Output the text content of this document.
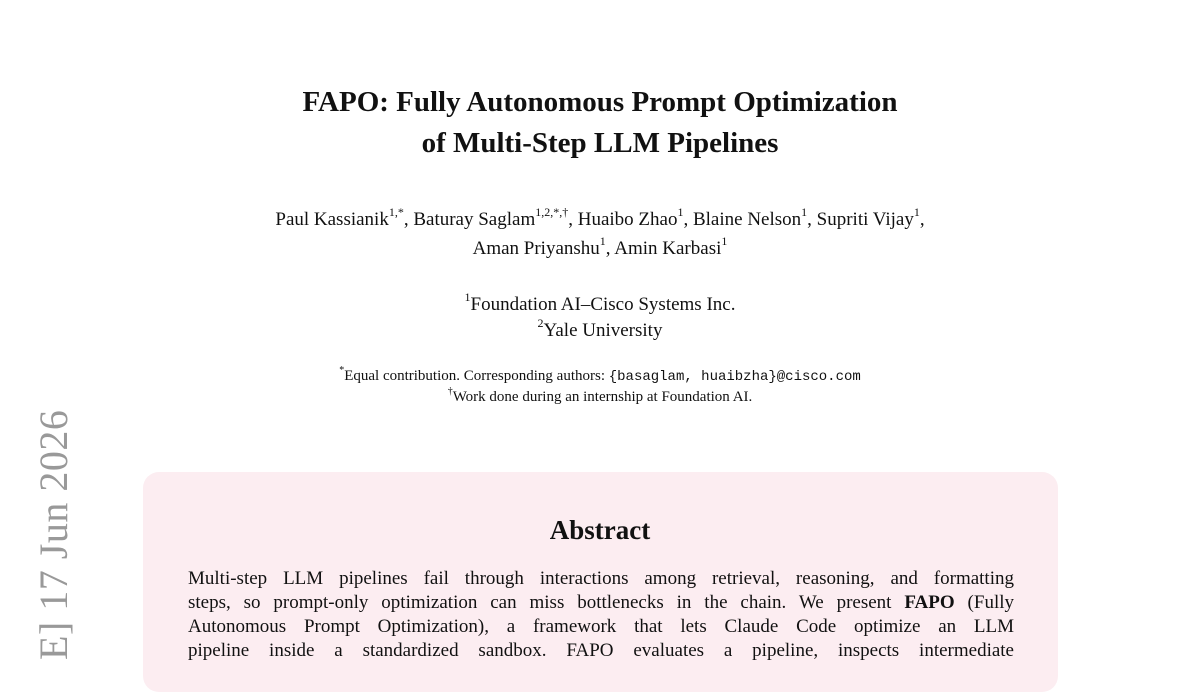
E] 17 Jun 2026
FAPO: Fully Autonomous Prompt Optimization
of Multi-Step LLM Pipelines
Paul Kassianik$^{1,*}$, Baturay Saglam$^{1,2,*,\dagger}$, Huaibo Zhao$^1$, Blaine Nelson$^1$, Supriti Vijay$^1$,
Aman Priyanshu$^1$, Amin Karbasi$^1$
$^1$Foundation AI–Cisco Systems Inc.
$^2$Yale University
*Equal contribution. Corresponding authors: {basaglam, huaibzha}@cisco.com
†Work done during an internship at Foundation AI.
Abstract
Multi-step LLM pipelines fail through interactions among retrieval, reasoning, and formatting
steps, so prompt-only optimization can miss bottlenecks in the chain. We present FAPO (Fully
Autonomous Prompt Optimization), a framework that lets Claude Code optimize an LLM
pipeline inside a standardized sandbox. FAPO evaluates a pipeline, inspects intermediate
